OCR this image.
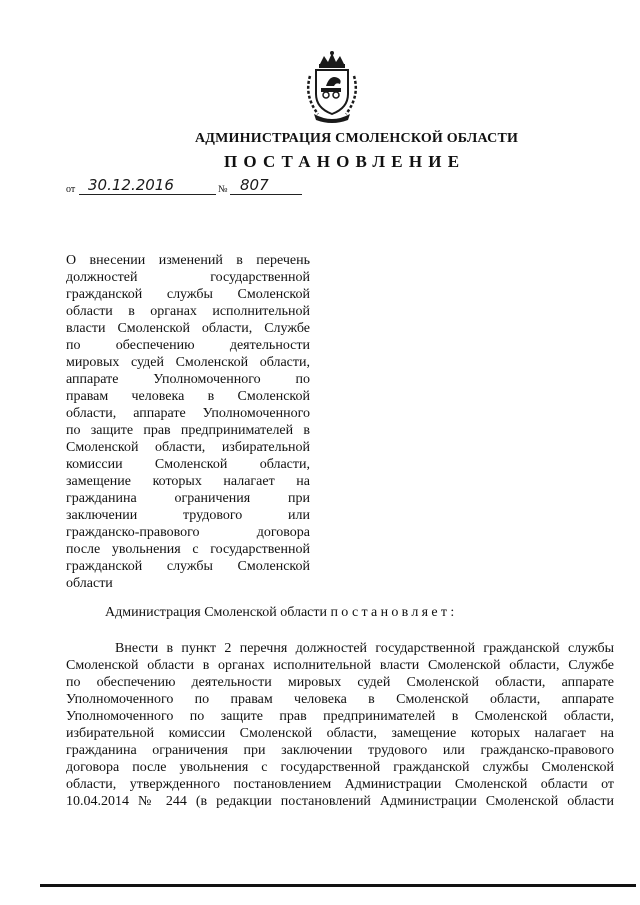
АДМИНИСТРАЦИЯ СМОЛЕНСКОЙ ОБЛАСТИ
ПОСТАНОВЛЕНИЕ
от 30.12.2016	№ 807
О внесении изменений в перечень
должностей государственной
гражданской службы Смоленской
области в органах исполнительной
власти Смоленской области, Службе
по обеспечению деятельности
мировых судей Смоленской области,
аппарате Уполномоченного по
правам человека в Смоленской
области, аппарате Уполномоченного
по защите прав предпринимателей в
Смоленской области, избирательной
комиссии Смоленской области,
замещение которых налагает на
гражданина ограничения при
заключении трудового или
гражданско-правового договора
после увольнения с государственной
гражданской службы Смоленской
области
Администрация Смоленской области постановляет:
Внести в пункт 2 перечня должностей государственной гражданской службы
Смоленской области в органах исполнительной власти Смоленской области, Службе
по обеспечению деятельности мировых судей Смоленской области, аппарате
Уполномоченного по правам человека в Смоленской области, аппарате
Уполномоченного по защите прав предпринимателей в Смоленской области,
избирательной комиссии Смоленской области, замещение которых налагает на
гражданина ограничения при заключении трудового или гражданско-правового
договора после увольнения с государственной гражданской службы Смоленской
области, утвержденного постановлением Администрации Смоленской области от
10.04.2014 № 244 (в редакции постановлений Администрации Смоленской области
